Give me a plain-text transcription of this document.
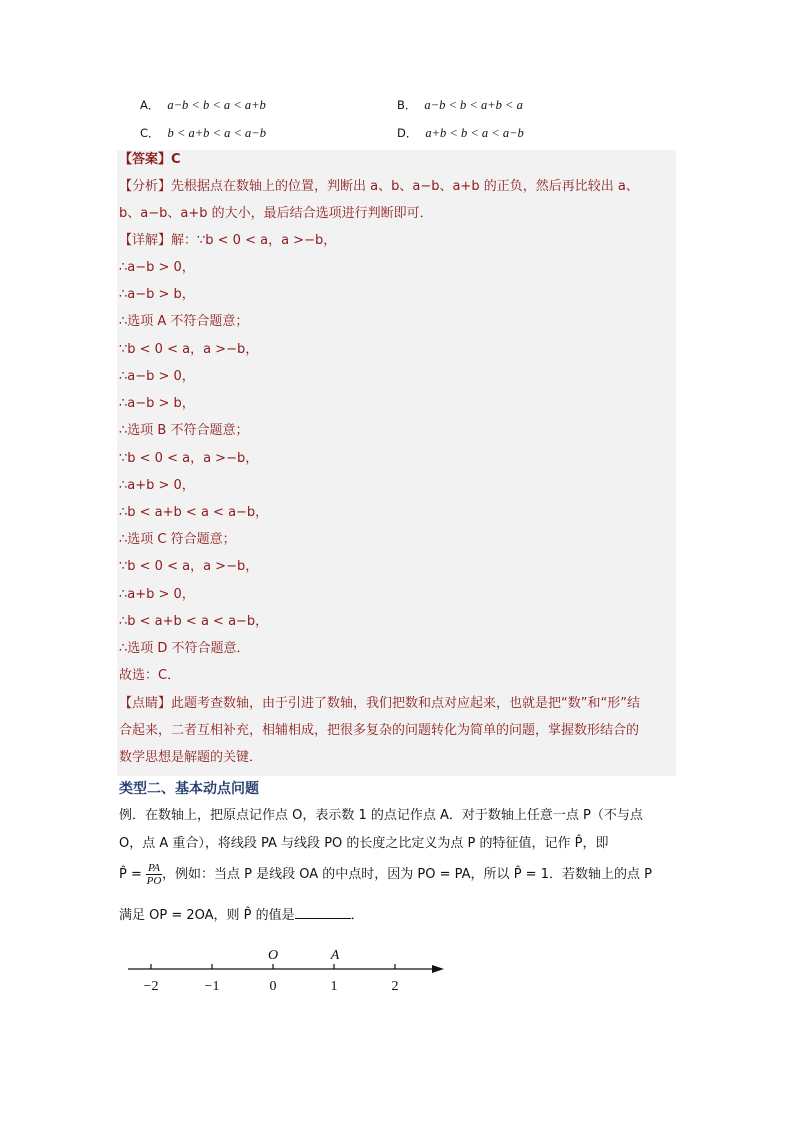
A． a−b < b < a < a+b	B． a−b < b < a+b < a
C． b < a+b < a < a−b	D． a+b < b < a < a−b
【答案】C
【分析】先根据点在数轴上的位置，判断出 a、b、a−b、a+b 的正负，然后再比较出 a、
b、a−b、a+b 的大小，最后结合选项进行判断即可．
【详解】解：∵b < 0 < a，a >−b，
∴a−b > 0，
∴a−b > b，
∴选项 A 不符合题意；
∵b < 0 < a，a >−b，
∴a−b > 0，
∴a−b > b，
∴选项 B 不符合题意；
∵b < 0 < a，a >−b，
∴a+b > 0，
∴b < a+b < a < a−b，
∴选项 C 符合题意；
∵b < 0 < a，a >−b，
∴a+b > 0，
∴b < a+b < a < a−b，
∴选项 D 不符合题意．
故选：C．
【点睛】此题考查数轴，由于引进了数轴，我们把数和点对应起来，也就是把“数”和“形”结
合起来，二者互相补充，相辅相成，把很多复杂的问题转化为简单的问题，掌握数形结合的
数学思想是解题的关键．
类型二、基本动点问题
例．在数轴上，把原点记作点 O，表示数 1 的点记作点 A．对于数轴上任意一点 P（不与点
O，点 A 重合），将线段 PA 与线段 PO 的长度之比定义为点 P 的特征值，记作 P̂，即
P̂ = $\frac{PA}{PO}$，例如：当点 P 是线段 OA 的中点时，因为 PO = PA，所以 P̂ = 1．若数轴上的点 P
满足 OP = 2OA，则 P̂ 的值是	．
O	A
−2	−1	0	1	2
